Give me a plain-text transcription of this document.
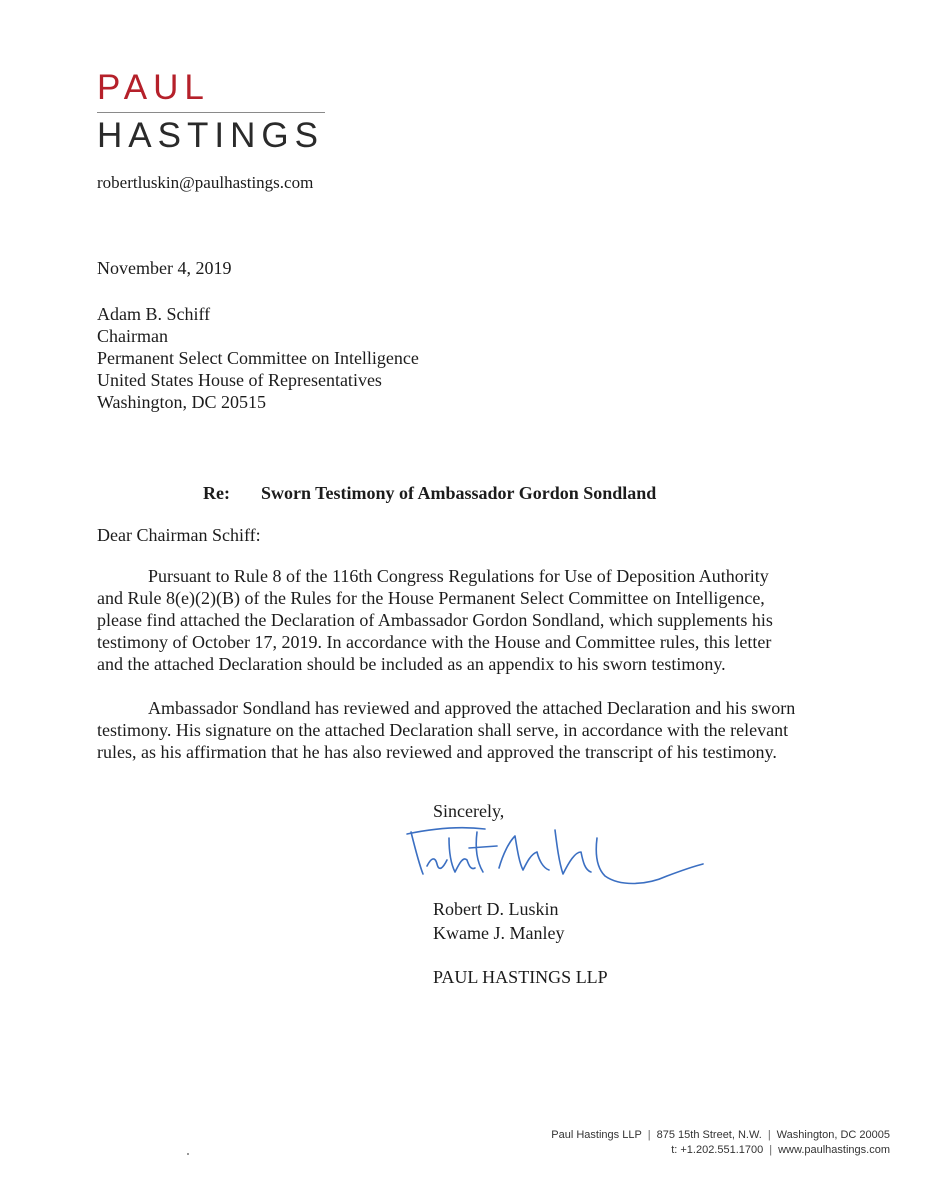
PAUL
HASTINGS
robertluskin@paulhastings.com
November 4, 2019
Adam B. Schiff
Chairman
Permanent Select Committee on Intelligence
United States House of Representatives
Washington, DC 20515
Re: Sworn Testimony of Ambassador Gordon Sondland
Dear Chairman Schiff:
Pursuant to Rule 8 of the 116th Congress Regulations for Use of Deposition Authority
and Rule 8(e)(2)(B) of the Rules for the House Permanent Select Committee on Intelligence,
please find attached the Declaration of Ambassador Gordon Sondland, which supplements his
testimony of October 17, 2019. In accordance with the House and Committee rules, this letter
and the attached Declaration should be included as an appendix to his sworn testimony.
Ambassador Sondland has reviewed and approved the attached Declaration and his sworn
testimony. His signature on the attached Declaration shall serve, in accordance with the relevant
rules, as his affirmation that he has also reviewed and approved the transcript of his testimony.
Sincerely,
Robert D. Luskin
Kwame J. Manley
PAUL HASTINGS LLP
Paul Hastings LLP | 875 15th Street, N.W. | Washington, DC 20005
t: +1.202.551.1700 | www.paulhastings.com
